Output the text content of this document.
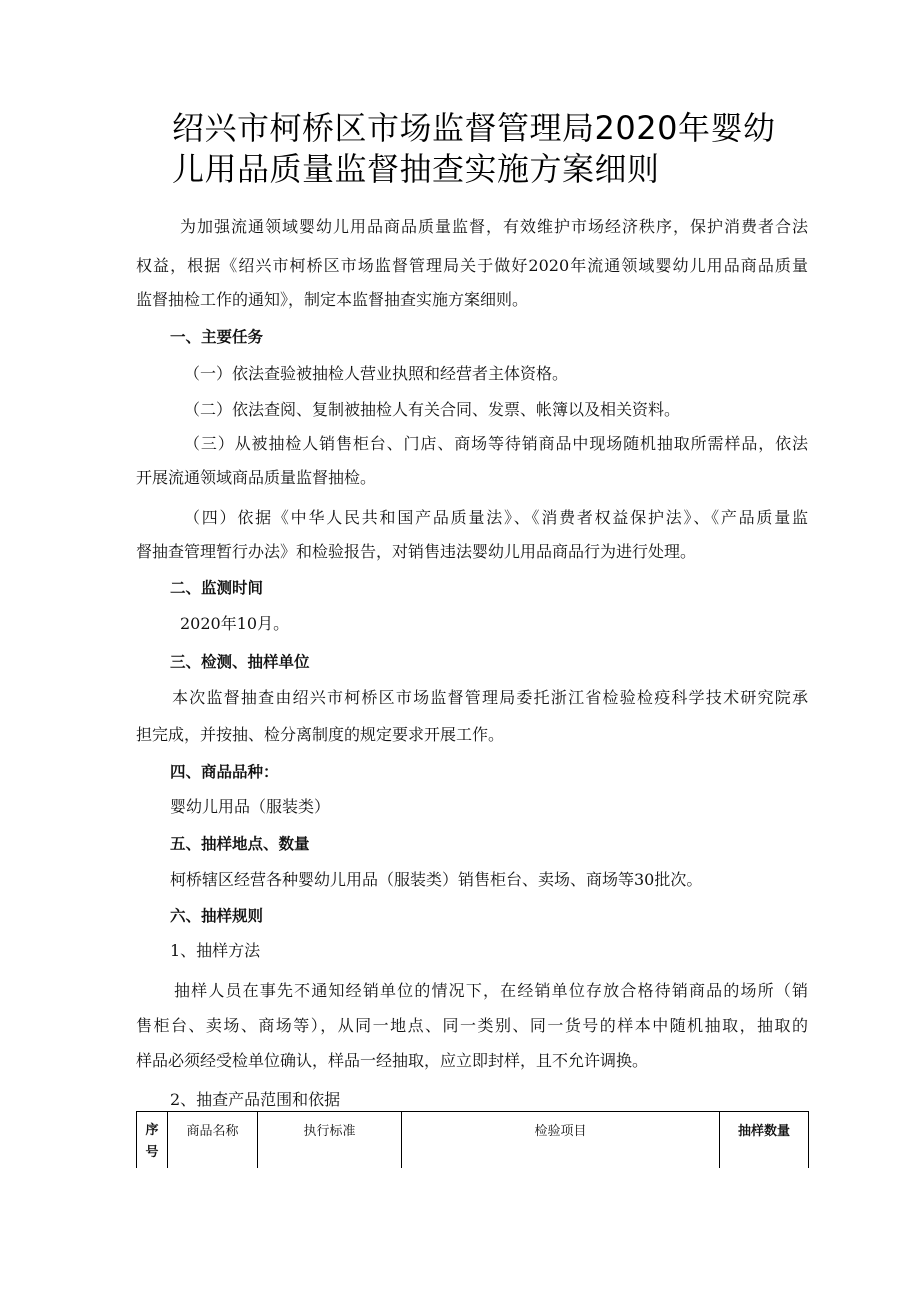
绍兴市柯桥区市场监督管理局2020年婴幼
儿用品质量监督抽查实施方案细则
为加强流通领域婴幼儿用品商品质量监督，有效维护市场经济秩序，保护消费者合法
权益，根据《绍兴市柯桥区市场监督管理局关于做好2020年流通领域婴幼儿用品商品质量
监督抽检工作的通知》，制定本监督抽查实施方案细则。
一、主要任务
（一）依法查验被抽检人营业执照和经营者主体资格。
（二）依法查阅、复制被抽检人有关合同、发票、帐簿以及相关资料。
（三）从被抽检人销售柜台、门店、商场等待销商品中现场随机抽取所需样品，依法
开展流通领域商品质量监督抽检。
（四）依据《中华人民共和国产品质量法》、《消费者权益保护法》、《产品质量监
督抽查管理暂行办法》和检验报告，对销售违法婴幼儿用品商品行为进行处理。
二、监测时间
2020年10月。
三、检测、抽样单位
本次监督抽查由绍兴市柯桥区市场监督管理局委托浙江省检验检疫科学技术研究院承
担完成，并按抽、检分离制度的规定要求开展工作。
四、商品品种：
婴幼儿用品（服装类）
五、抽样地点、数量
柯桥辖区经营各种婴幼儿用品（服装类）销售柜台、卖场、商场等30批次。
六、抽样规则
1、抽样方法
抽样人员在事先不通知经销单位的情况下，在经销单位存放合格待销商品的场所（销
售柜台、卖场、商场等），从同一地点、同一类别、同一货号的样本中随机抽取，抽取的
样品必须经受检单位确认，样品一经抽取，应立即封样，且不允许调换。
2、抽查产品范围和依据
序
号
	商品名称	执行标准	检验项目	抽样数量
